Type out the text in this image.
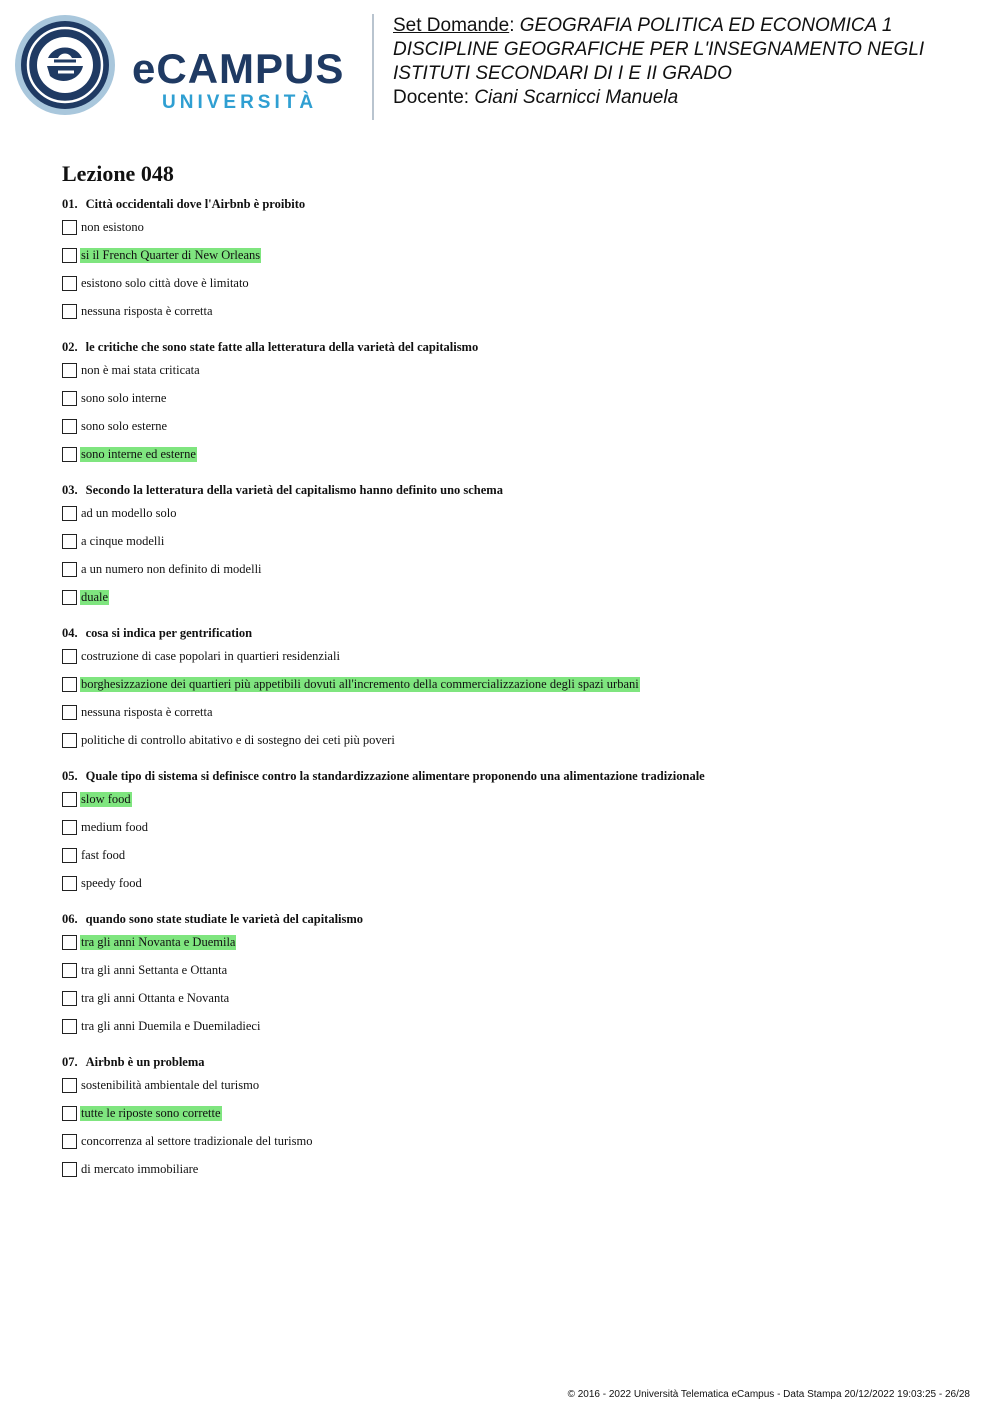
eCAMPUS
UNIVERSITÀ
Set Domande: GEOGRAFIA POLITICA ED ECONOMICA 1
DISCIPLINE GEOGRAFICHE PER L'INSEGNAMENTO NEGLI
ISTITUTI SECONDARI DI I E II GRADO
Docente: Ciani Scarnicci Manuela
Lezione 048
01. Città occidentali dove l'Airbnb è proibito
non esistono
si il French Quarter di New Orleans
esistono solo città dove è limitato
nessuna risposta è corretta
02. le critiche che sono state fatte alla letteratura della varietà del capitalismo
non è mai stata criticata
sono solo interne
sono solo esterne
sono interne ed esterne
03. Secondo la letteratura della varietà del capitalismo hanno definito uno schema
ad un modello solo
a cinque modelli
a un numero non definito di modelli
duale
04. cosa si indica per gentrification
costruzione di case popolari in quartieri residenziali
borghesizzazione dei quartieri più appetibili dovuti all'incremento della commercializzazione degli spazi urbani
nessuna risposta è corretta
politiche di controllo abitativo e di sostegno dei ceti più poveri
05. Quale tipo di sistema si definisce contro la standardizzazione alimentare proponendo una alimentazione tradizionale
slow food
medium food
fast food
speedy food
06. quando sono state studiate le varietà del capitalismo
tra gli anni Novanta e Duemila
tra gli anni Settanta e Ottanta
tra gli anni Ottanta e Novanta
tra gli anni Duemila e Duemiladieci
07. Airbnb è un problema
sostenibilità ambientale del turismo
tutte le riposte sono corrette
concorrenza al settore tradizionale del turismo
di mercato immobiliare
© 2016 - 2022 Università Telematica eCampus - Data Stampa 20/12/2022 19:03:25 - 26/28
